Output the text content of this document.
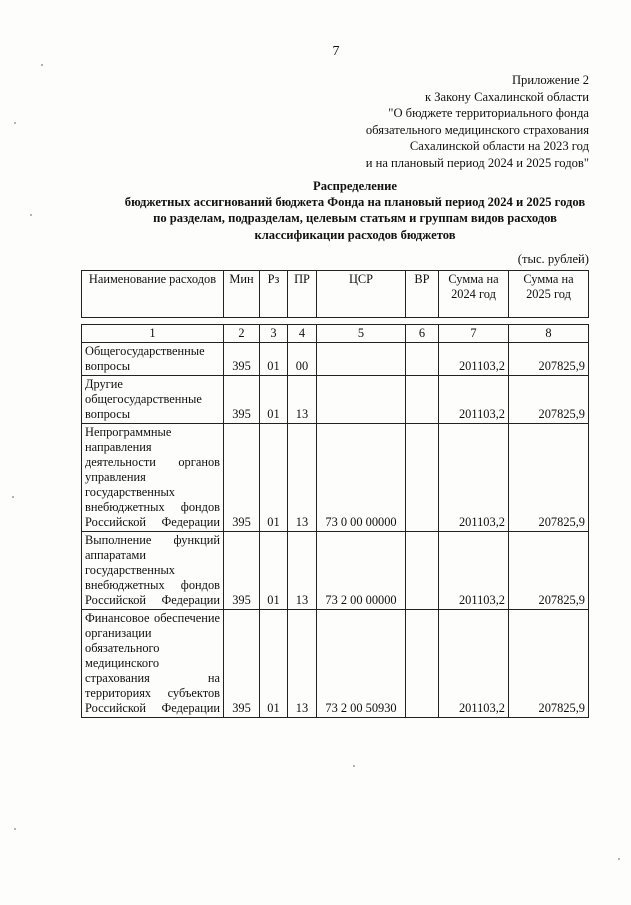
7
Приложение 2
к Закону Сахалинской области
"О бюджете территориального фонда
обязательного медицинского страхования
Сахалинской области на 2023 год
и на плановый период 2024 и 2025 годов"
Распределение
бюджетных ассигнований бюджета Фонда на плановый период 2024 и 2025 годов
по разделам, подразделам, целевым статьям и группам видов расходов
классификации расходов бюджетов
(тыс. рублей)
Наименование расходов	Мин	Рз	ПР	ЦСР	ВР	Сумма на 2024 год	Сумма на 2025 год

1	2	3	4	5	6	7	8
Общегосударственные вопросы	395	01	00			201103,2	207825,9
Другие общегосударственные вопросы	395	01	13			201103,2	207825,9
Непрограммные направления деятельности органов управления государственных внебюджетных фондов Российской Федерации	395	01	13	73 0 00 00000		201103,2	207825,9
Выполнение функций аппаратами государственных внебюджетных фондов Российской Федерации	395	01	13	73 2 00 00000		201103,2	207825,9
Финансовое обеспечение организации обязательного медицинского страхования на территориях субъектов Российской Федерации	395	01	13	73 2 00 50930		201103,2	207825,9
